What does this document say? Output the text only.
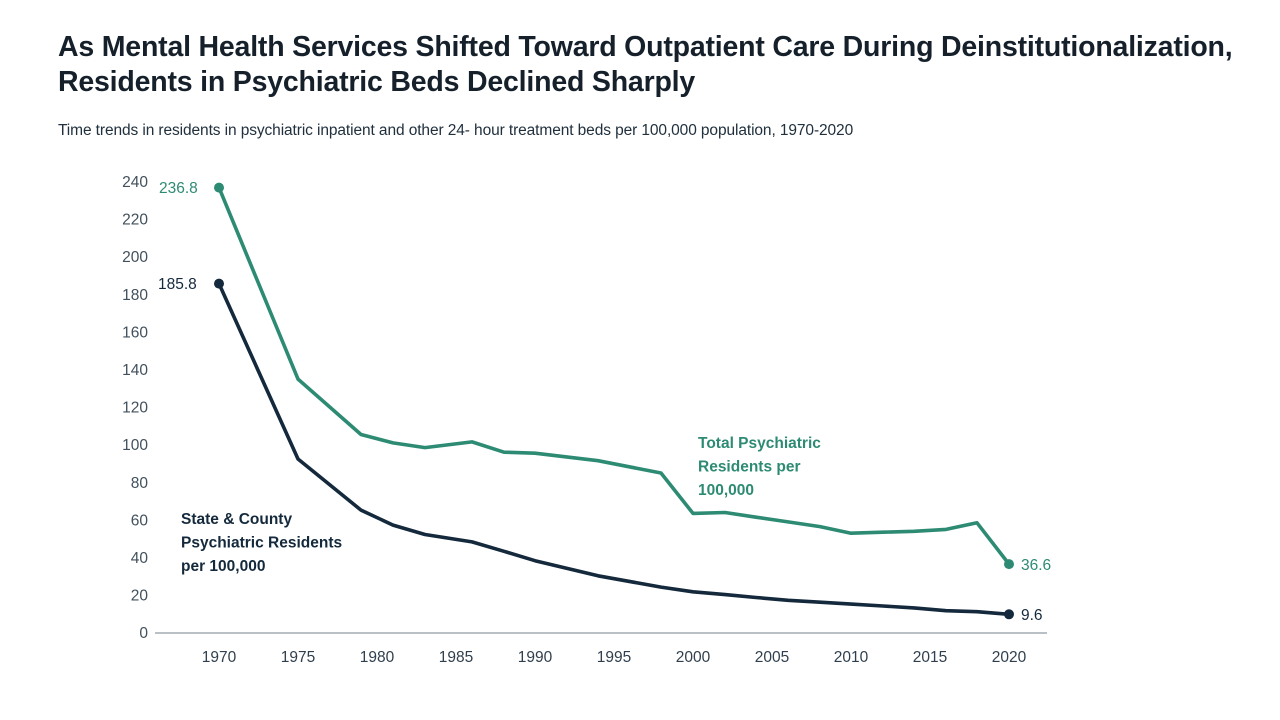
As Mental Health Services Shifted Toward Outpatient Care During Deinstitutionalization, Residents in Psychiatric Beds Declined Sharply
Time trends in residents in psychiatric inpatient and other 24- hour treatment beds per 100,000 population, 1970-2020
240
220
200
180
160
140
120
100
80
60
40
20
0
1970	1975	1980	1985	1990	1995	2000	2005	2010	2015	2020
236.8
36.6
185.8
9.6
Total Psychiatric Residents per 100,000
State & County Psychiatric Residents per 100,000
